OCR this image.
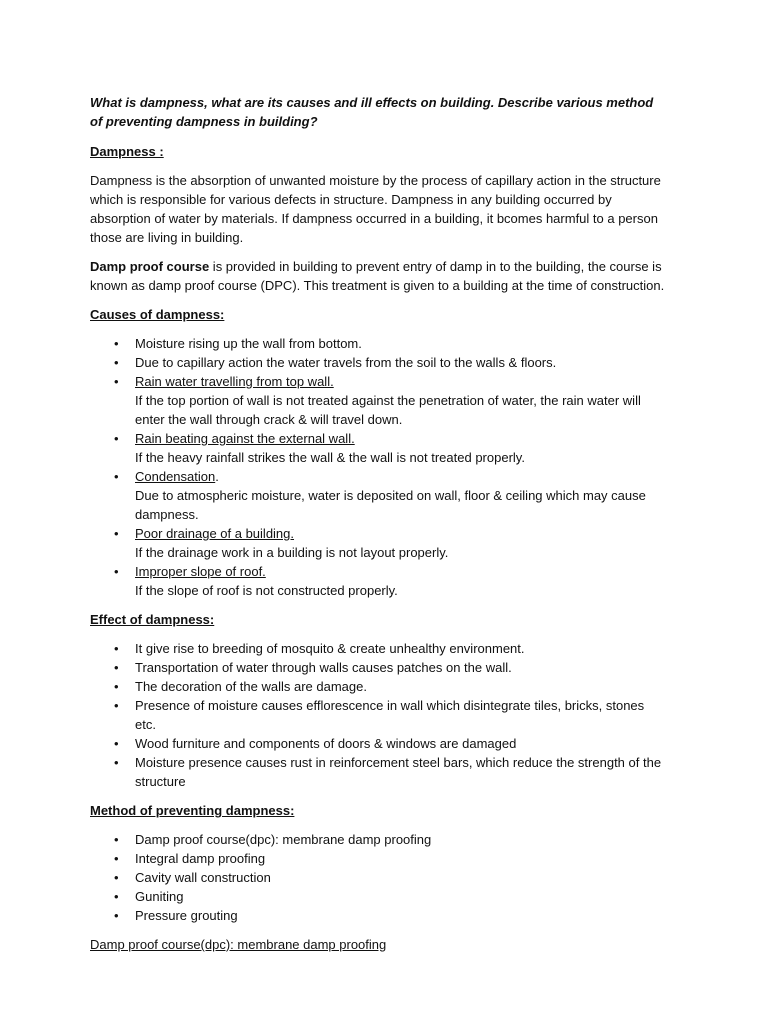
What is dampness, what are its causes and ill effects on building. Describe various method of preventing dampness in building?

Dampness :

Dampness is the absorption of unwanted moisture by the process of capillary action in the structure which is responsible for various defects in structure. Dampness in any building occurred by absorption of water by materials. If dampness occurred in a building, it bcomes harmful to a person those are living in building.

Damp proof course is provided in building to prevent entry of damp in to the building, the course is known as damp proof course (DPC). This treatment is given to a building at the time of construction.

Causes of dampness:

• Moisture rising up the wall from bottom.
• Due to capillary action the water travels from the soil to the walls & floors.
• Rain water travelling from top wall.
If the top portion of wall is not treated against the penetration of water, the rain water will enter the wall through crack & will travel down.
• Rain beating against the external wall.
If the heavy rainfall strikes the wall & the wall is not treated properly.
• Condensation.
Due to atmospheric moisture, water is deposited on wall, floor & ceiling which may cause dampness.
• Poor drainage of a building.
If the drainage work in a building is not layout properly.
• Improper slope of roof.
If the slope of roof is not constructed properly.

Effect of dampness:

• It give rise to breeding of mosquito & create unhealthy environment.
• Transportation of water through walls causes patches on the wall.
• The decoration of the walls are damage.
• Presence of moisture causes efflorescence in wall which disintegrate tiles, bricks, stones etc.
• Wood furniture and components of doors & windows are damaged
• Moisture presence causes rust in reinforcement steel bars, which reduce the strength of the structure

Method of preventing dampness:

• Damp proof course(dpc): membrane damp proofing
• Integral damp proofing
• Cavity wall construction
• Guniting
• Pressure grouting

Damp proof course(dpc): membrane damp proofing
